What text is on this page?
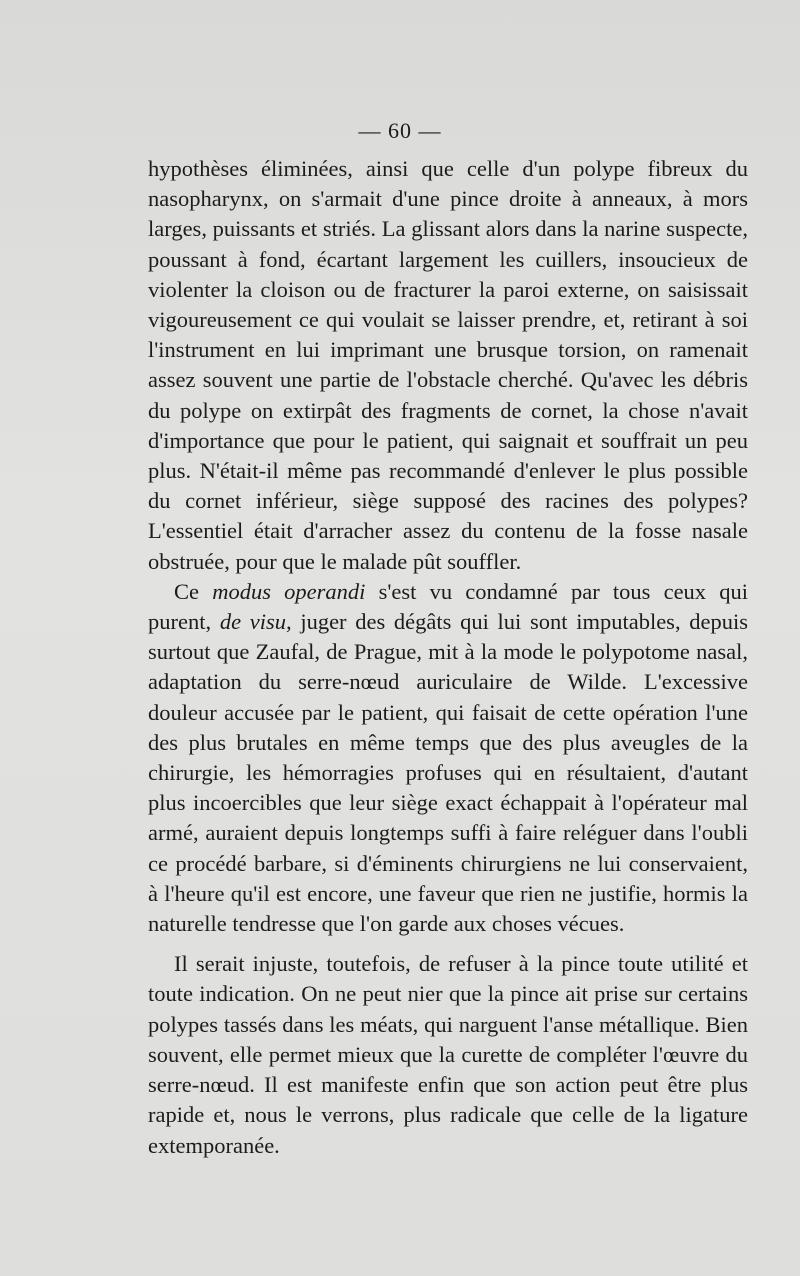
— 60 —

hypothèses éliminées, ainsi que celle d'un polype fibreux du nasopharynx, on s'armait d'une pince droite à anneaux, à mors larges, puissants et striés. La glissant alors dans la narine suspecte, poussant à fond, écartant largement les cuillers, insoucieux de violenter la cloison ou de fracturer la paroi externe, on saisissait vigoureusement ce qui voulait se laisser prendre, et, retirant à soi l'instrument en lui imprimant une brusque torsion, on ramenait assez souvent une partie de l'obstacle cherché. Qu'avec les débris du polype on extirpât des fragments de cornet, la chose n'avait d'importance que pour le patient, qui saignait et souffrait un peu plus. N'était-il même pas recommandé d'enlever le plus possible du cornet inférieur, siège supposé des racines des polypes? L'essentiel était d'arracher assez du contenu de la fosse nasale obstruée, pour que le malade pût souffler.

Ce modus operandi s'est vu condamné par tous ceux qui purent, de visu, juger des dégâts qui lui sont imputables, depuis surtout que Zaufal, de Prague, mit à la mode le polypotome nasal, adaptation du serre-nœud auriculaire de Wilde. L'excessive douleur accusée par le patient, qui faisait de cette opération l'une des plus brutales en même temps que des plus aveugles de la chirurgie, les hémorragies profuses qui en résultaient, d'autant plus incoercibles que leur siège exact échappait à l'opérateur mal armé, auraient depuis longtemps suffi à faire reléguer dans l'oubli ce procédé barbare, si d'éminents chirurgiens ne lui conservaient, à l'heure qu'il est encore, une faveur que rien ne justifie, hormis la naturelle tendresse que l'on garde aux choses vécues.

Il serait injuste, toutefois, de refuser à la pince toute utilité et toute indication. On ne peut nier que la pince ait prise sur certains polypes tassés dans les méats, qui narguent l'anse métallique. Bien souvent, elle permet mieux que la curette de compléter l'œuvre du serre-nœud. Il est manifeste enfin que son action peut être plus rapide et, nous le verrons, plus radicale que celle de la ligature extemporanée.
